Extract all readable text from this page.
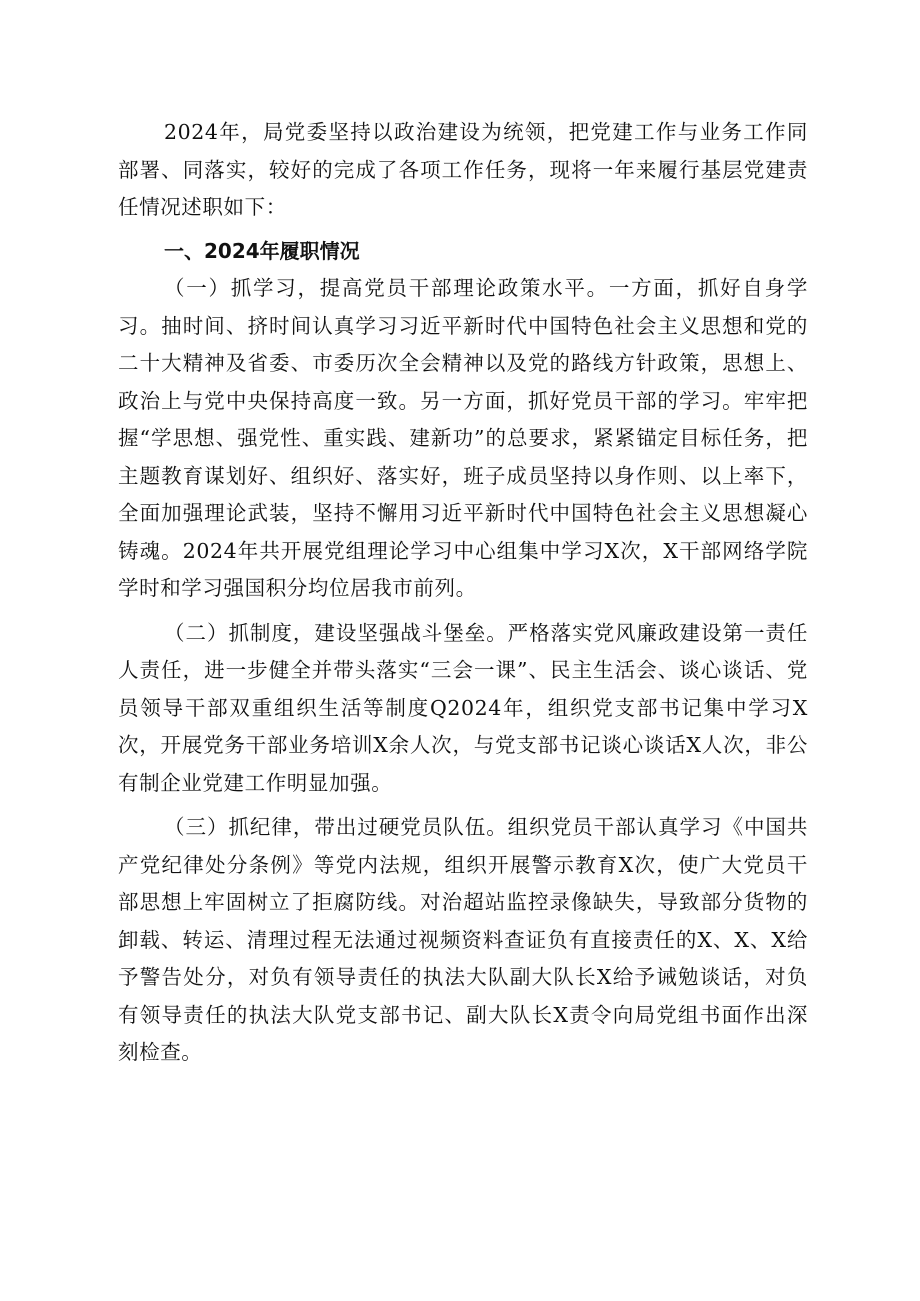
2024年，局党委坚持以政治建设为统领，把党建工作与业务工作同部署、同落实，较好的完成了各项工作任务，现将一年来履行基层党建责任情况述职如下：

一、2024年履职情况

（一）抓学习，提高党员干部理论政策水平。一方面，抓好自身学习。抽时间、挤时间认真学习习近平新时代中国特色社会主义思想和党的二十大精神及省委、市委历次全会精神以及党的路线方针政策，思想上、政治上与党中央保持高度一致。另一方面，抓好党员干部的学习。牢牢把握“学思想、强党性、重实践、建新功”的总要求，紧紧锚定目标任务，把主题教育谋划好、组织好、落实好，班子成员坚持以身作则、以上率下，全面加强理论武装，坚持不懈用习近平新时代中国特色社会主义思想凝心铸魂。2024年共开展党组理论学习中心组集中学习X次，X干部网络学院学时和学习强国积分均位居我市前列。

（二）抓制度，建设坚强战斗堡垒。严格落实党风廉政建设第一责任人责任，进一步健全并带头落实“三会一课”、民主生活会、谈心谈话、党员领导干部双重组织生活等制度Q2024年，组织党支部书记集中学习X次，开展党务干部业务培训X余人次，与党支部书记谈心谈话X人次，非公有制企业党建工作明显加强。

（三）抓纪律，带出过硬党员队伍。组织党员干部认真学习《中国共产党纪律处分条例》等党内法规，组织开展警示教育X次，使广大党员干部思想上牢固树立了拒腐防线。对治超站监控录像缺失，导致部分货物的卸载、转运、清理过程无法通过视频资料查证负有直接责任的X、X、X给予警告处分，对负有领导责任的执法大队副大队长X给予诫勉谈话，对负有领导责任的执法大队党支部书记、副大队长X责令向局党组书面作出深刻检查。
